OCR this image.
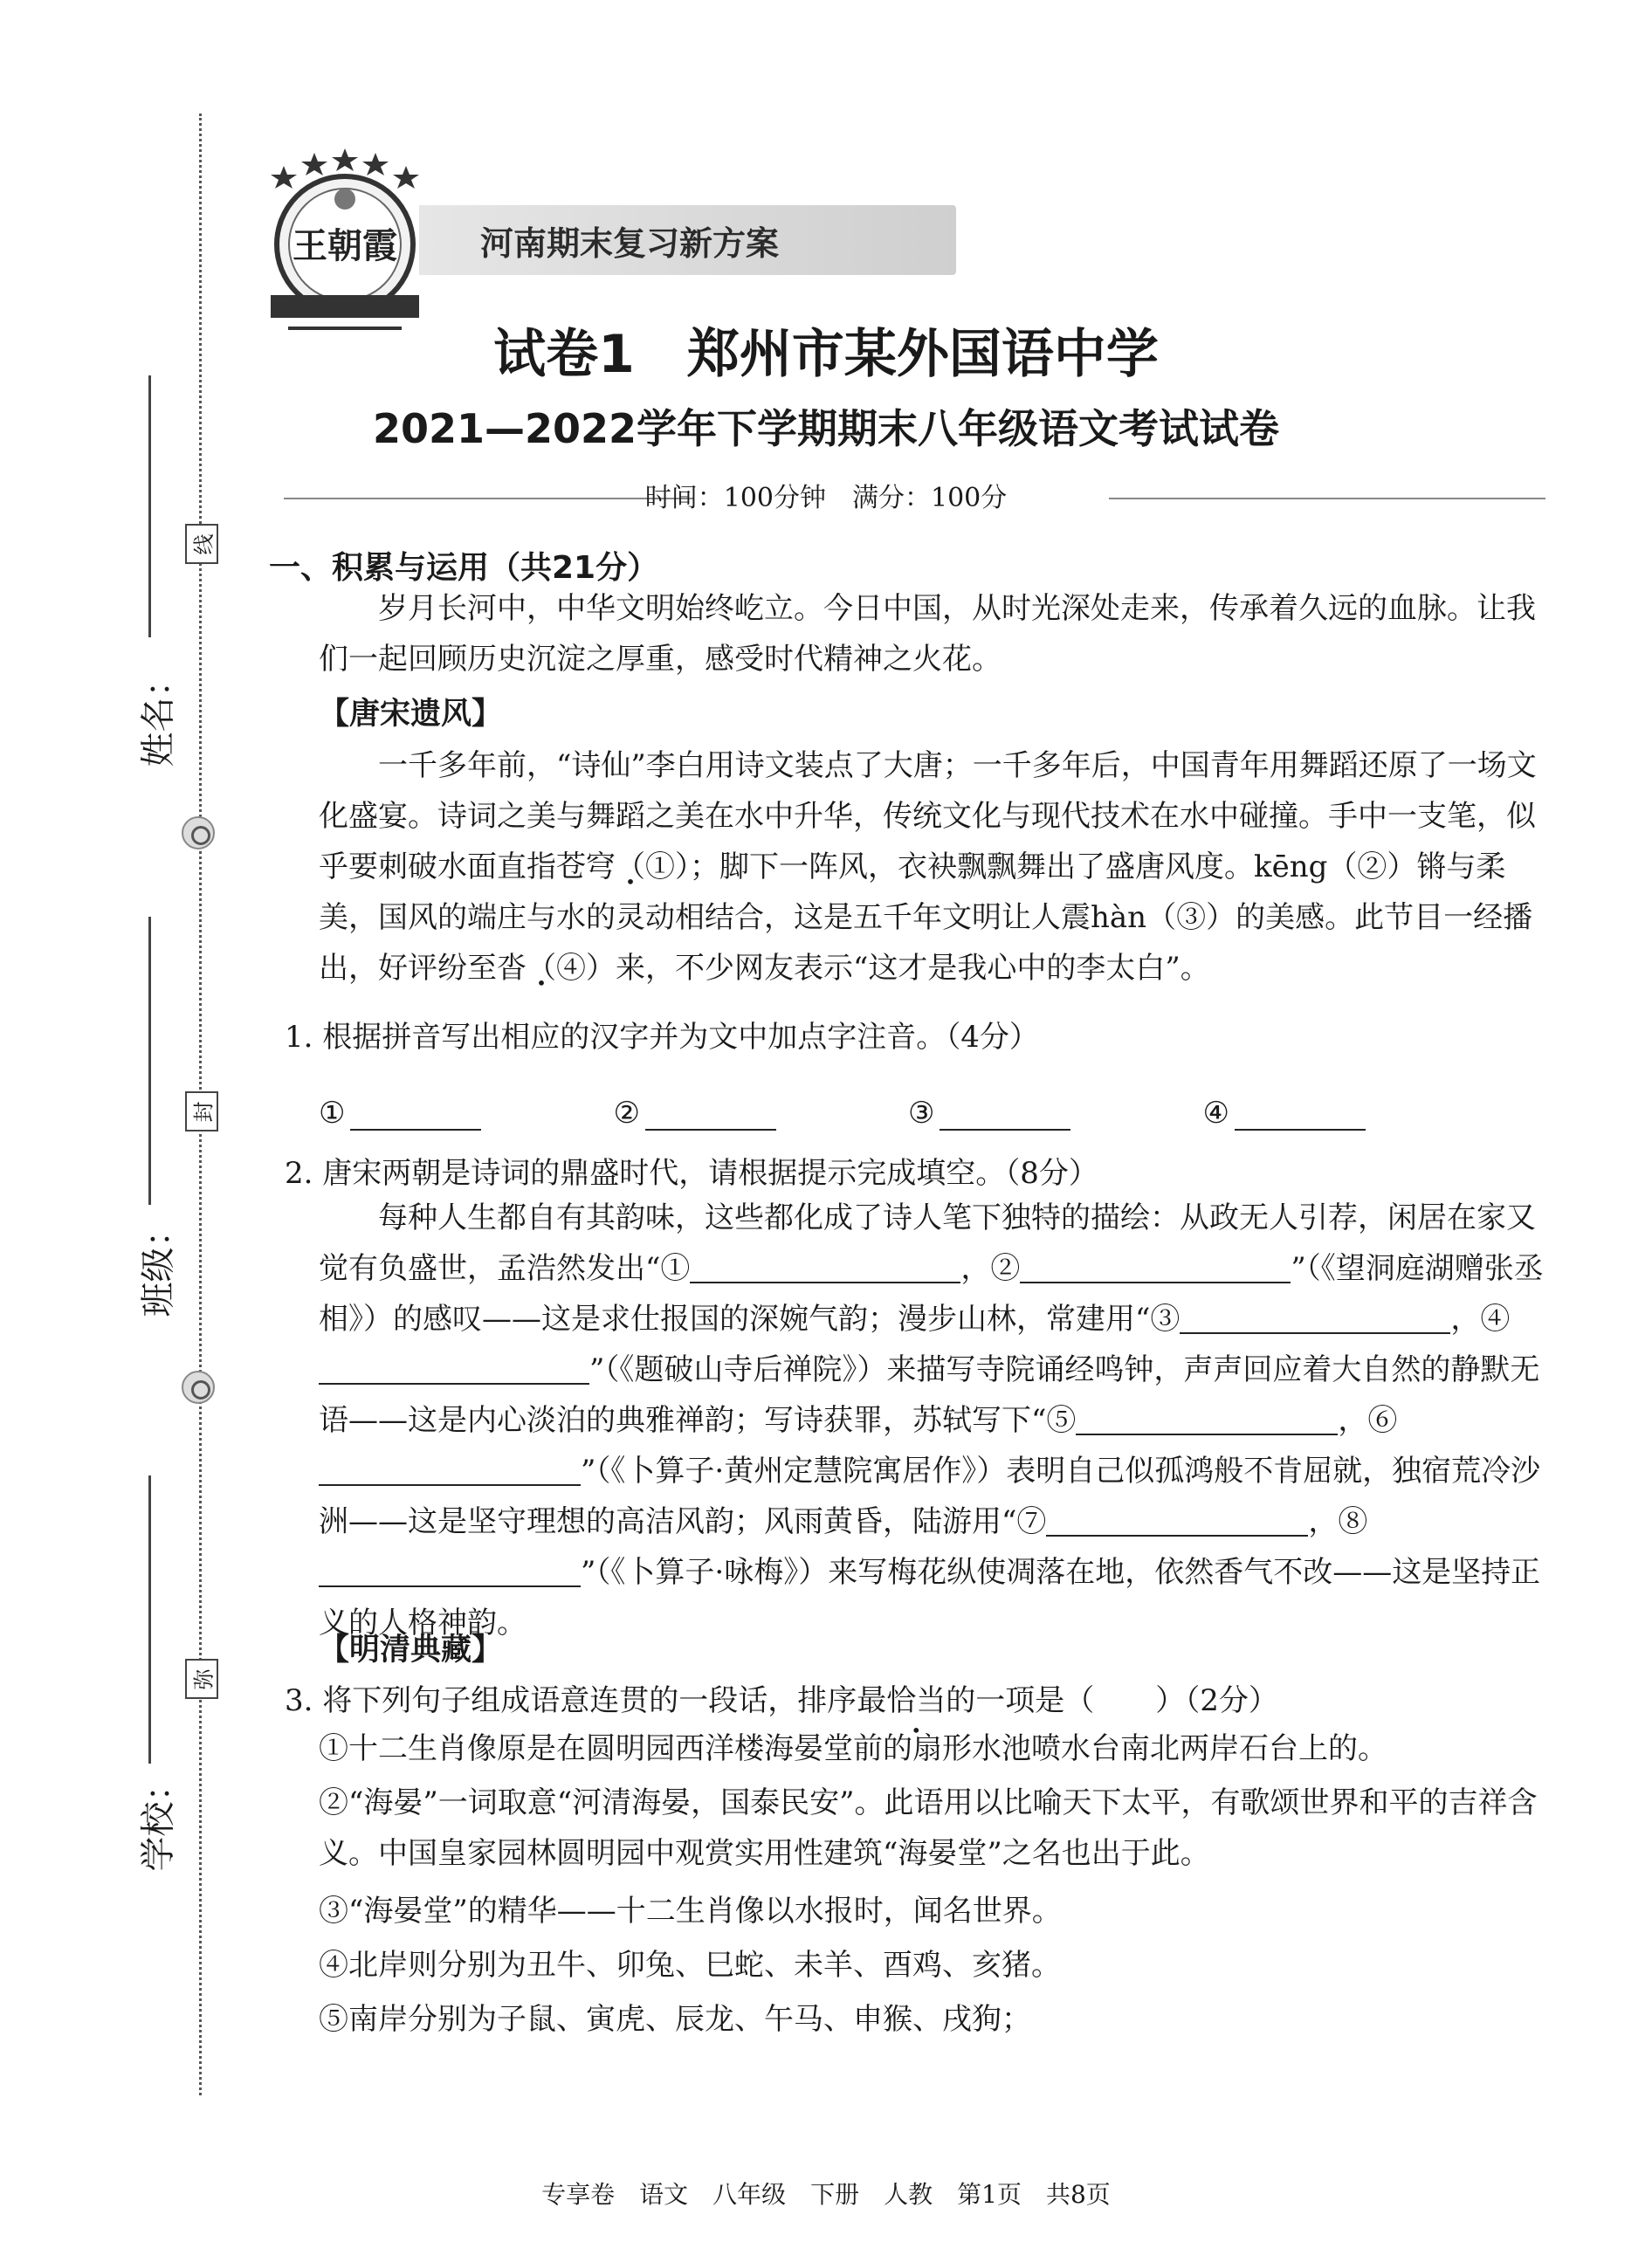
线
封
弥
姓名：
班级：
学校：
王朝霞	河南期末复习新方案
试卷1　郑州市某外国语中学
2021—2022学年下学期期末八年级语文考试试卷
时间：100分钟　满分：100分
一、积累与运用（共21分）

岁月长河中，中华文明始终屹立。今日中国，从时光深处走来，传承着久远的血脉。让我们一起回顾历史沉淀之厚重，感受时代精神之火花。

【唐宋遗风】

一千多年前，“诗仙”李白用诗文装点了大唐；一千多年后，中国青年用舞蹈还原了一场文化盛宴。诗词之美与舞蹈之美在水中升华，传统文化与现代技术在水中碰撞。手中一支笔，似乎要刺破水面直指苍穹（①）；脚下一阵风，衣袂飘飘舞出了盛唐风度。kēng（②）锵与柔美，国风的端庄与水的灵动相结合，这是五千年文明让人震hàn（③）的美感。此节目一经播出，好评纷至沓（④）来，不少网友表示“这才是我心中的李太白”。

1. 根据拼音写出相应的汉字并为文中加点字注音。（4分）
①	②	③	④
2. 唐宋两朝是诗词的鼎盛时代，请根据提示完成填空。（8分）

每种人生都自有其韵味，这些都化成了诗人笔下独特的描绘：从政无人引荐，闲居在家又觉有负盛世，孟浩然发出“①	，②	”（《望洞庭湖赠张丞相》）的感叹——这是求仕报国的深婉气韵；漫步山林，常建用“③	，④”（《题破山寺后禅院》）来描写寺院诵经鸣钟，声声回应着大自然的静默无语——这是内心淡泊的典雅禅韵；写诗获罪，苏轼写下“⑤	，⑥”（《卜算子·黄州定慧院寓居作》）表明自己似孤鸿般不肯屈就，独宿荒冷沙洲——这是坚守理想的高洁风韵；风雨黄昏，陆游用“⑦	，⑧”（《卜算子·咏梅》）来写梅花纵使凋落在地，依然香气不改——这是坚持正义的人格神韵。

【明清典藏】
3. 将下列句子组成语意连贯的一段话，排序最恰当的一项是（ ）（2分）

①十二生肖像原是在圆明园西洋楼海晏堂前的扇形水池喷水台南北两岸石台上的。

②“海晏”一词取意“河清海晏，国泰民安”。此语用以比喻天下太平，有歌颂世界和平的吉祥含义。中国皇家园林圆明园中观赏实用性建筑“海晏堂”之名也出于此。

③“海晏堂”的精华——十二生肖像以水报时，闻名世界。

④北岸则分别为丑牛、卯兔、巳蛇、未羊、酉鸡、亥猪。

⑤南岸分别为子鼠、寅虎、辰龙、午马、申猴、戌狗；

专享卷　语文　八年级　下册　人教　第1页　共8页
